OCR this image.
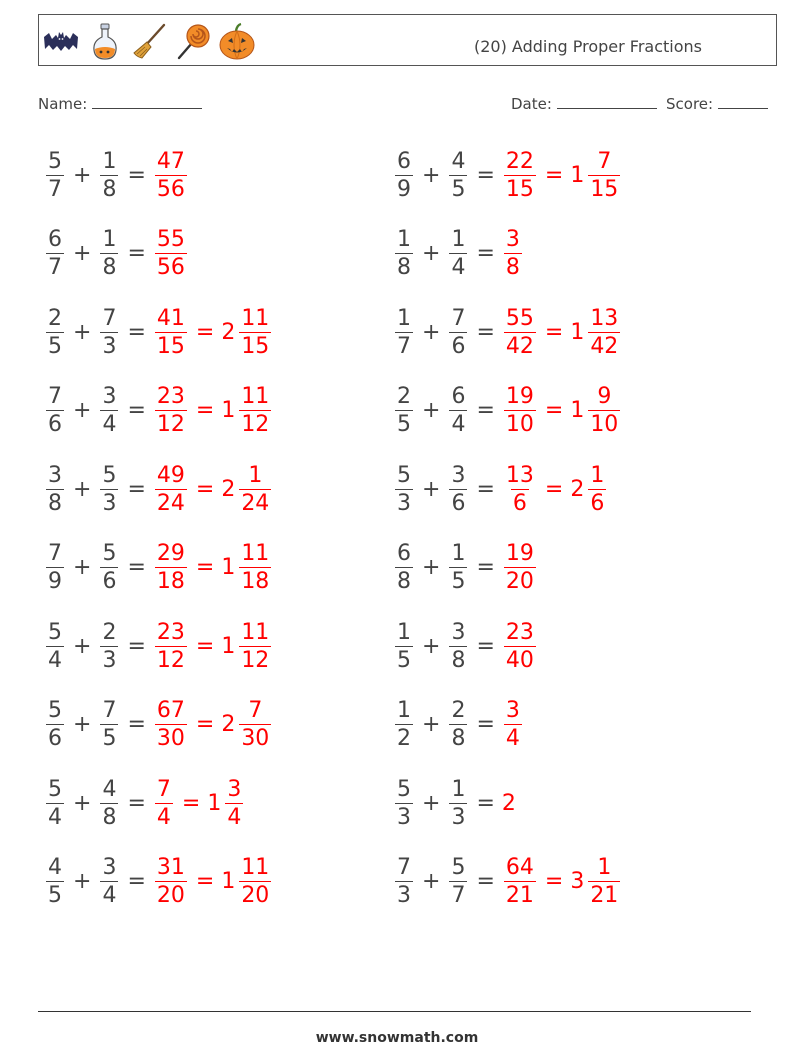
(20) Adding Proper Fractions
Name:	Date:	Score:
$\frac{5}{7} + \frac{1}{8} = \frac{47}{56}$
$\frac{6}{7} + \frac{1}{8} = \frac{55}{56}$
$\frac{2}{5} + \frac{7}{3} = \frac{41}{15} = 2 \frac{11}{15}$
$\frac{7}{6} + \frac{3}{4} = \frac{23}{12} = 1 \frac{11}{12}$
$\frac{3}{8} + \frac{5}{3} = \frac{49}{24} = 2 \frac{1}{24}$
$\frac{7}{9} + \frac{5}{6} = \frac{29}{18} = 1 \frac{11}{18}$
$\frac{5}{4} + \frac{2}{3} = \frac{23}{12} = 1 \frac{11}{12}$
$\frac{5}{6} + \frac{7}{5} = \frac{67}{30} = 2 \frac{7}{30}$
$\frac{5}{4} + \frac{4}{8} = \frac{7}{4} = 1 \frac{3}{4}$
$\frac{4}{5} + \frac{3}{4} = \frac{31}{20} = 1 \frac{11}{20}$
$\frac{6}{9} + \frac{4}{5} = \frac{22}{15} = 1 \frac{7}{15}$
$\frac{1}{8} + \frac{1}{4} = \frac{3}{8}$
$\frac{1}{7} + \frac{7}{6} = \frac{55}{42} = 1 \frac{13}{42}$
$\frac{2}{5} + \frac{6}{4} = \frac{19}{10} = 1 \frac{9}{10}$
$\frac{5}{3} + \frac{3}{6} = \frac{13}{6} = 2 \frac{1}{6}$
$\frac{6}{8} + \frac{1}{5} = \frac{19}{20}$
$\frac{1}{5} + \frac{3}{8} = \frac{23}{40}$
$\frac{1}{2} + \frac{2}{8} = \frac{3}{4}$
$\frac{5}{3} + \frac{1}{3} = 2$
$\frac{7}{3} + \frac{5}{7} = \frac{64}{21} = 3 \frac{1}{21}$
www.snowmath.com
